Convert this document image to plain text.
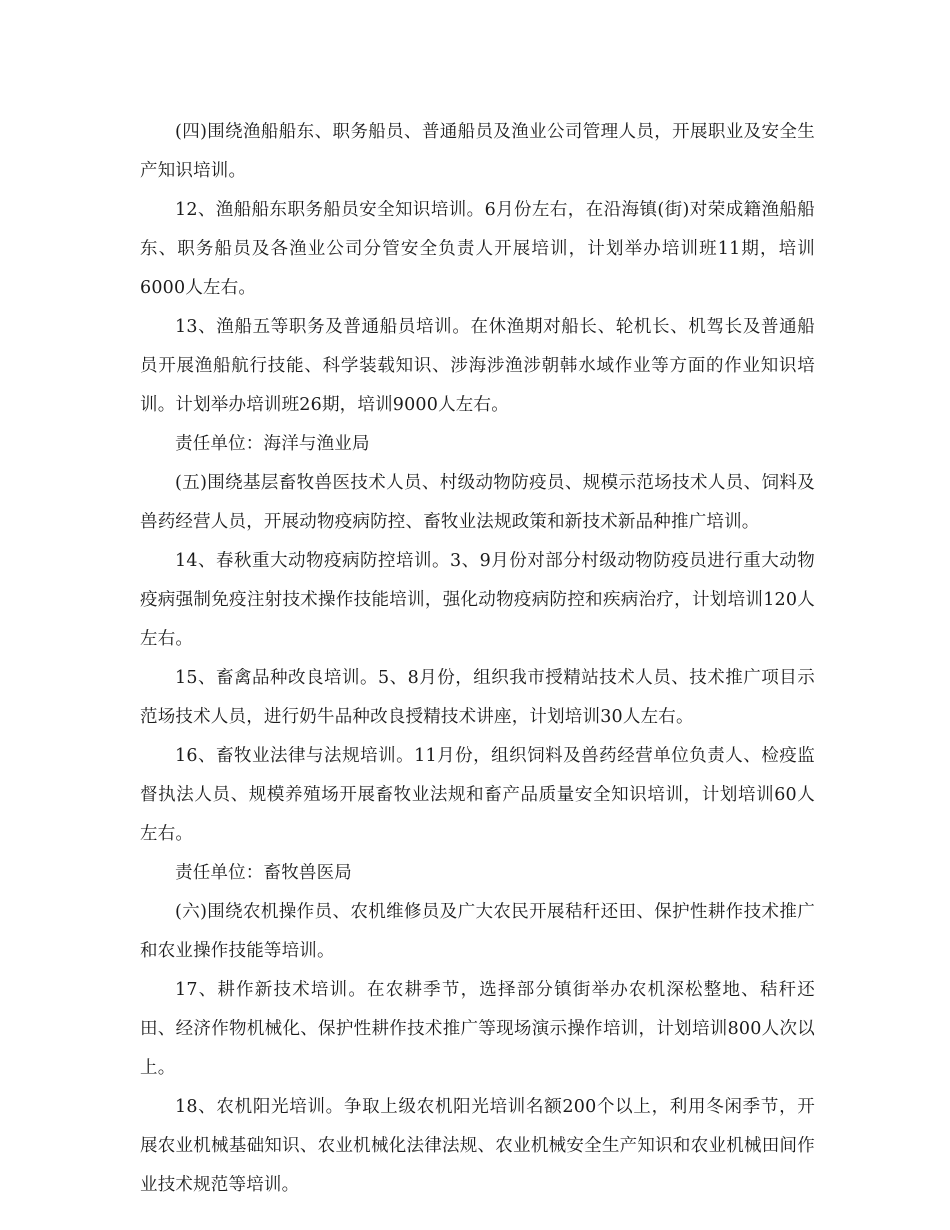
(四)围绕渔船船东、职务船员、普通船员及渔业公司管理人员，开展职业及安全生产知识培训。

12、渔船船东职务船员安全知识培训。6月份左右，在沿海镇(街)对荣成籍渔船船东、职务船员及各渔业公司分管安全负责人开展培训，计划举办培训班11期，培训6000人左右。

13、渔船五等职务及普通船员培训。在休渔期对船长、轮机长、机驾长及普通船员开展渔船航行技能、科学装载知识、涉海涉渔涉朝韩水域作业等方面的作业知识培训。计划举办培训班26期，培训9000人左右。

责任单位：海洋与渔业局

(五)围绕基层畜牧兽医技术人员、村级动物防疫员、规模示范场技术人员、饲料及兽药经营人员，开展动物疫病防控、畜牧业法规政策和新技术新品种推广培训。

14、春秋重大动物疫病防控培训。3、9月份对部分村级动物防疫员进行重大动物疫病强制免疫注射技术操作技能培训，强化动物疫病防控和疾病治疗，计划培训120人左右。

15、畜禽品种改良培训。5、8月份，组织我市授精站技术人员、技术推广项目示范场技术人员，进行奶牛品种改良授精技术讲座，计划培训30人左右。

16、畜牧业法律与法规培训。11月份，组织饲料及兽药经营单位负责人、检疫监督执法人员、规模养殖场开展畜牧业法规和畜产品质量安全知识培训，计划培训60人左右。

责任单位：畜牧兽医局

(六)围绕农机操作员、农机维修员及广大农民开展秸秆还田、保护性耕作技术推广和农业操作技能等培训。

17、耕作新技术培训。在农耕季节，选择部分镇街举办农机深松整地、秸秆还田、经济作物机械化、保护性耕作技术推广等现场演示操作培训，计划培训800人次以上。

18、农机阳光培训。争取上级农机阳光培训名额200个以上，利用冬闲季节，开展农业机械基础知识、农业机械化法律法规、农业机械安全生产知识和农业机械田间作业技术规范等培训。
